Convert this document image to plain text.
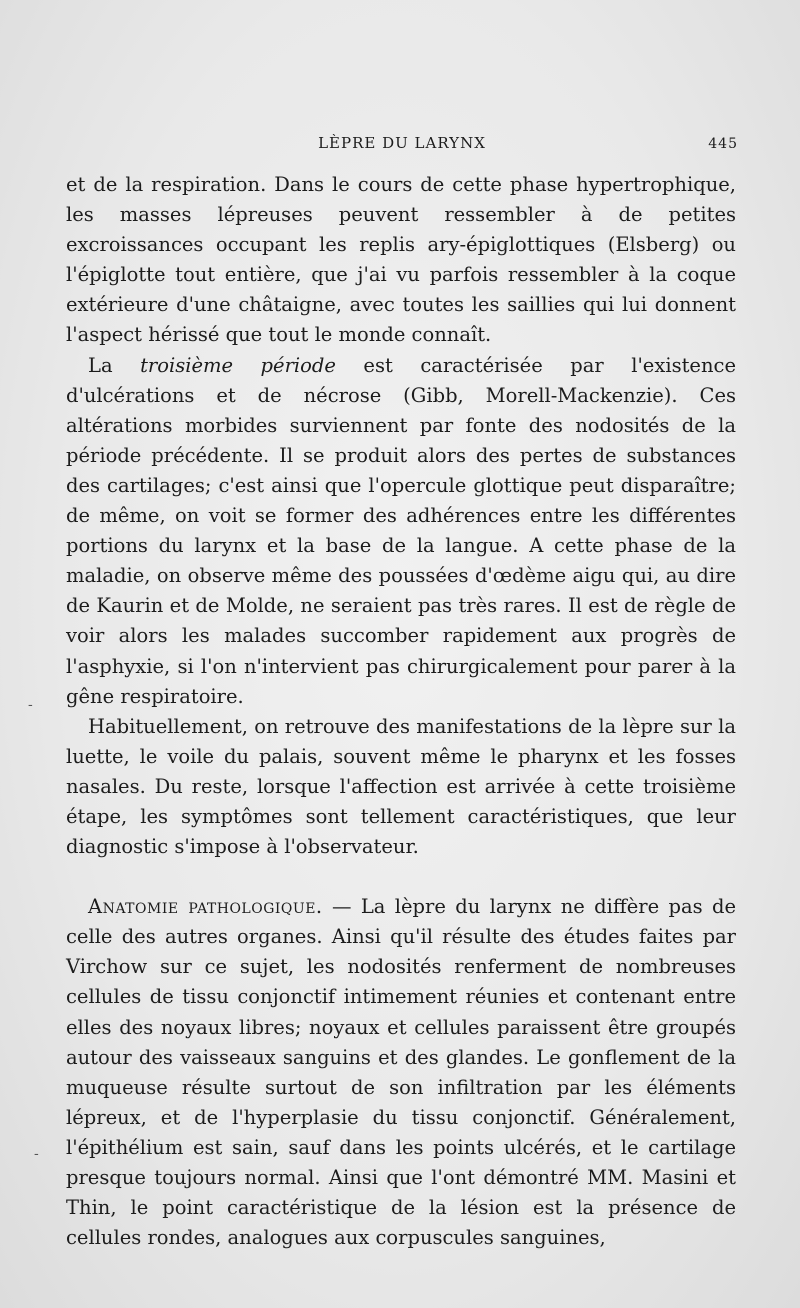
LÈPRE DU LARYNX	445

et de la respiration. Dans le cours de cette phase hypertrophique, les masses lépreuses peuvent ressembler à de petites excroissances occupant les replis ary-épiglottiques (Elsberg) ou l'épiglotte tout entière, que j'ai vu parfois ressembler à la coque extérieure d'une châtaigne, avec toutes les saillies qui lui donnent l'aspect hérissé que tout le monde connaît.

La troisième période est caractérisée par l'existence d'ulcérations et de nécrose (Gibb, Morell-Mackenzie). Ces altérations morbides surviennent par fonte des nodosités de la période précédente. Il se produit alors des pertes de substances des cartilages; c'est ainsi que l'opercule glottique peut disparaître; de même, on voit se former des adhérences entre les différentes portions du larynx et la base de la langue. A cette phase de la maladie, on observe même des poussées d'œdème aigu qui, au dire de Kaurin et de Molde, ne seraient pas très rares. Il est de règle de voir alors les malades succomber rapidement aux progrès de l'asphyxie, si l'on n'intervient pas chirurgicalement pour parer à la gêne respiratoire.

Habituellement, on retrouve des manifestations de la lèpre sur la luette, le voile du palais, souvent même le pharynx et les fosses nasales. Du reste, lorsque l'affection est arrivée à cette troisième étape, les symptômes sont tellement caractéristiques, que leur diagnostic s'impose à l'observateur.

Anatomie pathologique. — La lèpre du larynx ne diffère pas de celle des autres organes. Ainsi qu'il résulte des études faites par Virchow sur ce sujet, les nodosités renferment de nombreuses cellules de tissu conjonctif intimement réunies et contenant entre elles des noyaux libres; noyaux et cellules paraissent être groupés autour des vaisseaux sanguins et des glandes. Le gonflement de la muqueuse résulte surtout de son infiltration par les éléments lépreux, et de l'hyperplasie du tissu conjonctif. Généralement, l'épithélium est sain, sauf dans les points ulcérés, et le cartilage presque toujours normal. Ainsi que l'ont démontré MM. Masini et Thin, le point caractéristique de la lésion est la présence de cellules rondes, analogues aux corpuscules sanguines,

-
-
